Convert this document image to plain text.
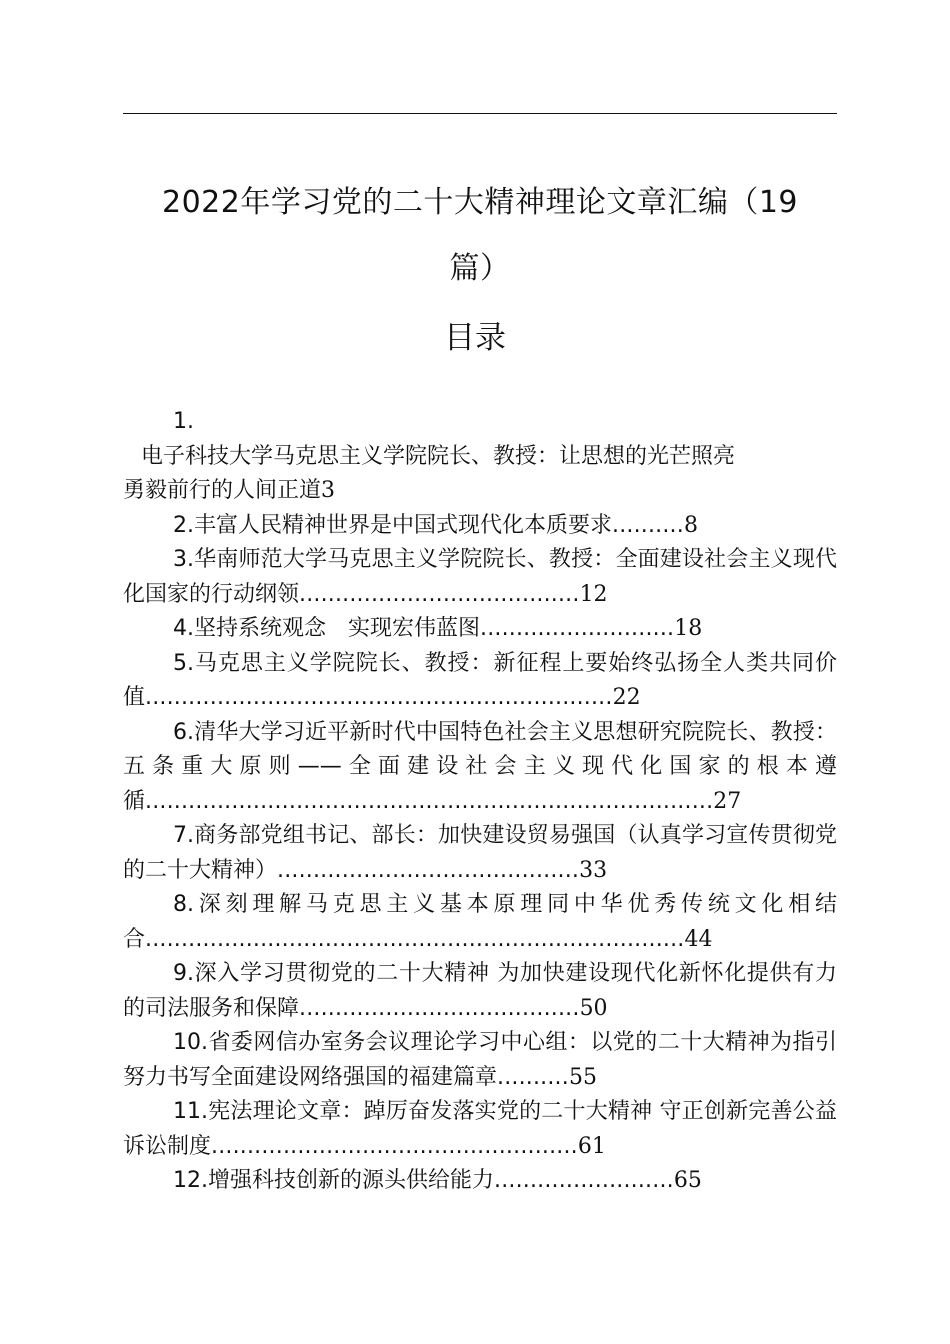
2022年学习党的二十大精神理论文章汇编（19
篇）
目录
1.
电子科技大学马克思主义学院院长、教授：让思想的光芒照亮
勇毅前行的人间正道3

2.丰富人民精神世界是中国式现代化本质要求..........8

3.华南师范大学马克思主义学院院长、教授：全面建设社会主义现代化国家的行动纲领.......................................12

4.坚持系统观念　实现宏伟蓝图...........................18

5.马克思主义学院院长、教授：新征程上要始终弘扬全人类共同价值.................................................................22

6.清华大学习近平新时代中国特色社会主义思想研究院院长、教授：五条重大原则——全面建设社会主义现代化国家的根本遵循...............................................................................27

7.商务部党组书记、部长：加快建设贸易强国（认真学习宣传贯彻党的二十大精神）..........................................33

8.深刻理解马克思主义基本原理同中华优秀传统文化相结合...........................................................................44

9.深入学习贯彻党的二十大精神 为加快建设现代化新怀化提供有力的司法服务和保障.......................................50

10.省委网信办室务会议理论学习中心组：以党的二十大精神为指引 努力书写全面建设网络强国的福建篇章..........55

11.宪法理论文章：踔厉奋发落实党的二十大精神 守正创新完善公益诉讼制度...................................................61

12.增强科技创新的源头供给能力.........................65
